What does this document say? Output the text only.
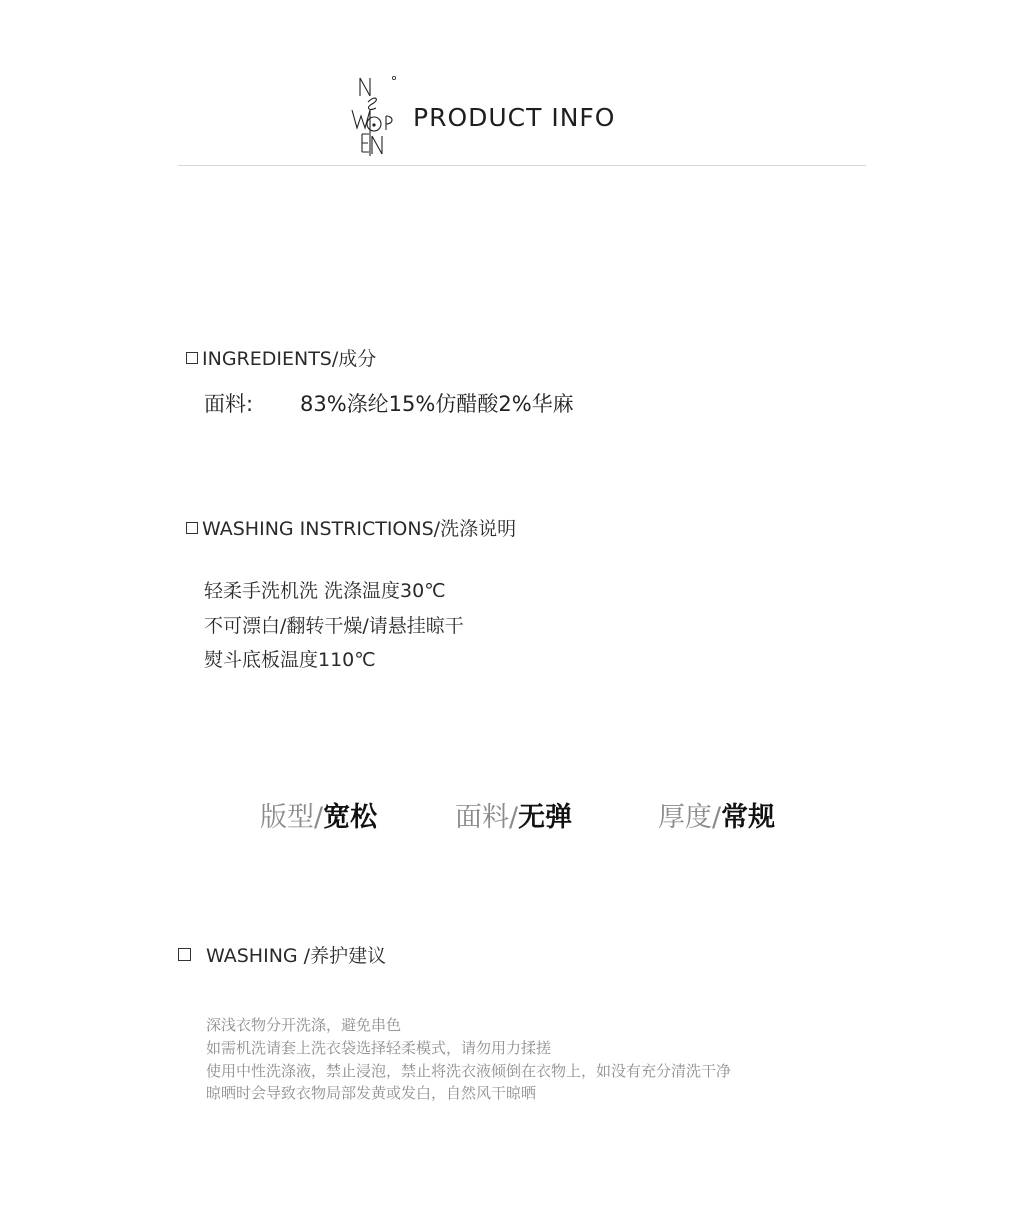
PRODUCT INFO
INGREDIENTS/成分
面料: 83%涤纶15%仿醋酸2%华麻
WASHING INSTRICTIONS/洗涤说明
轻柔手洗机洗 洗涤温度30℃
不可漂白/翻转干燥/请悬挂晾干
熨斗底板温度110℃
版型/宽松	面料/无弹	厚度/常规
WASHING /养护建议
深浅衣物分开洗涤，避免串色
如需机洗请套上洗衣袋选择轻柔模式，请勿用力揉搓
使用中性洗涤液，禁止浸泡，禁止将洗衣液倾倒在衣物上，如没有充分清洗干净
晾晒时会导致衣物局部发黄或发白，自然风干晾晒
